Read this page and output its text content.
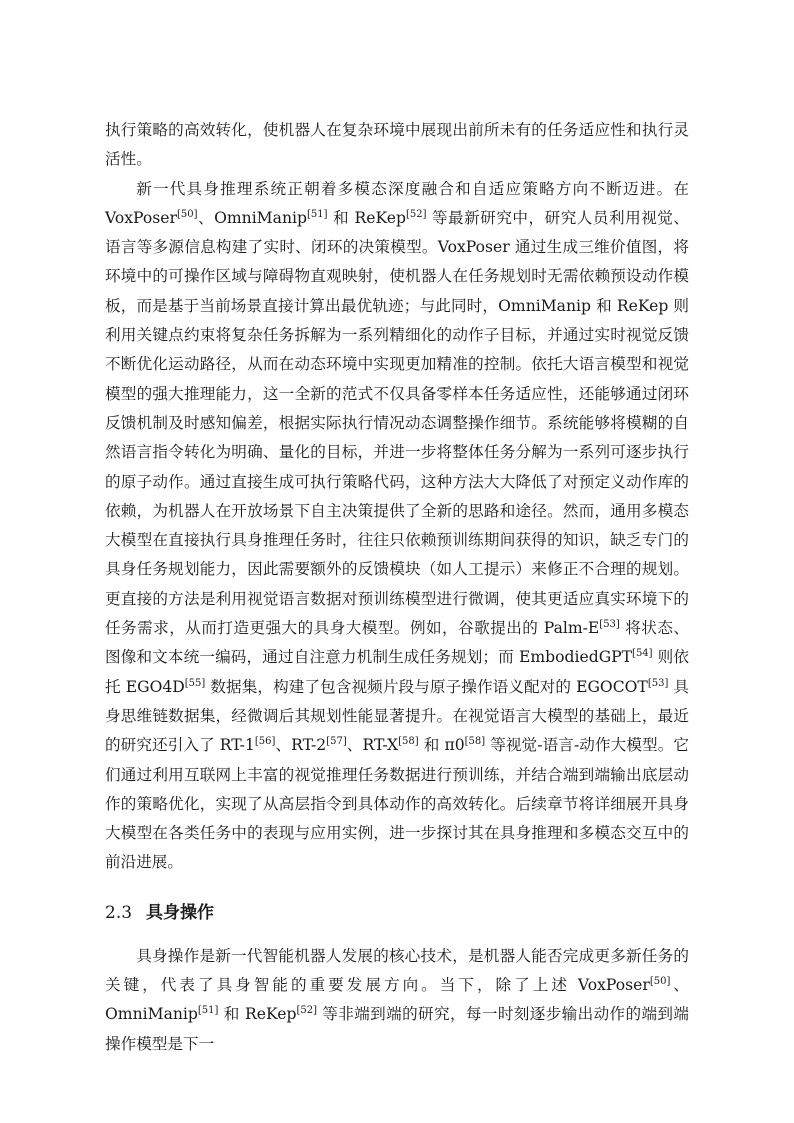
执行策略的高效转化，使机器人在复杂环境中展现出前所未有的任务适应性和执行灵活性。

新一代具身推理系统正朝着多模态深度融合和自适应策略方向不断迈进。在 VoxPoser[50]、OmniManip[51] 和 ReKep[52] 等最新研究中，研究人员利用视觉、语言等多源信息构建了实时、闭环的决策模型。VoxPoser 通过生成三维价值图，将环境中的可操作区域与障碍物直观映射，使机器人在任务规划时无需依赖预设动作模板，而是基于当前场景直接计算出最优轨迹；与此同时，OmniManip 和 ReKep 则利用关键点约束将复杂任务拆解为一系列精细化的动作子目标，并通过实时视觉反馈不断优化运动路径，从而在动态环境中实现更加精准的控制。依托大语言模型和视觉模型的强大推理能力，这一全新的范式不仅具备零样本任务适应性，还能够通过闭环反馈机制及时感知偏差，根据实际执行情况动态调整操作细节。系统能够将模糊的自然语言指令转化为明确、量化的目标，并进一步将整体任务分解为一系列可逐步执行的原子动作。通过直接生成可执行策略代码，这种方法大大降低了对预定义动作库的依赖，为机器人在开放场景下自主决策提供了全新的思路和途径。然而，通用多模态大模型在直接执行具身推理任务时，往往只依赖预训练期间获得的知识，缺乏专门的具身任务规划能力，因此需要额外的反馈模块（如人工提示）来修正不合理的规划。更直接的方法是利用视觉语言数据对预训练模型进行微调，使其更适应真实环境下的任务需求，从而打造更强大的具身大模型。例如，谷歌提出的 Palm-E[53] 将状态、图像和文本统一编码，通过自注意力机制生成任务规划；而 EmbodiedGPT[54] 则依托 EGO4D[55] 数据集，构建了包含视频片段与原子操作语义配对的 EGOCOT[53] 具身思维链数据集，经微调后其规划性能显著提升。在视觉语言大模型的基础上，最近的研究还引入了 RT-1[56]、RT-2[57]、RT-X[58] 和 π0[58] 等视觉-语言-动作大模型。它们通过利用互联网上丰富的视觉推理任务数据进行预训练，并结合端到端输出底层动作的策略优化，实现了从高层指令到具体动作的高效转化。后续章节将详细展开具身大模型在各类任务中的表现与应用实例，进一步探讨其在具身推理和多模态交互中的前沿进展。

2.3 具身操作

具身操作是新一代智能机器人发展的核心技术，是机器人能否完成更多新任务的关键，代表了具身智能的重要发展方向。当下，除了上述 VoxPoser[50]、OmniManip[51] 和 ReKep[52] 等非端到端的研究，每一时刻逐步输出动作的端到端操作模型是下一
